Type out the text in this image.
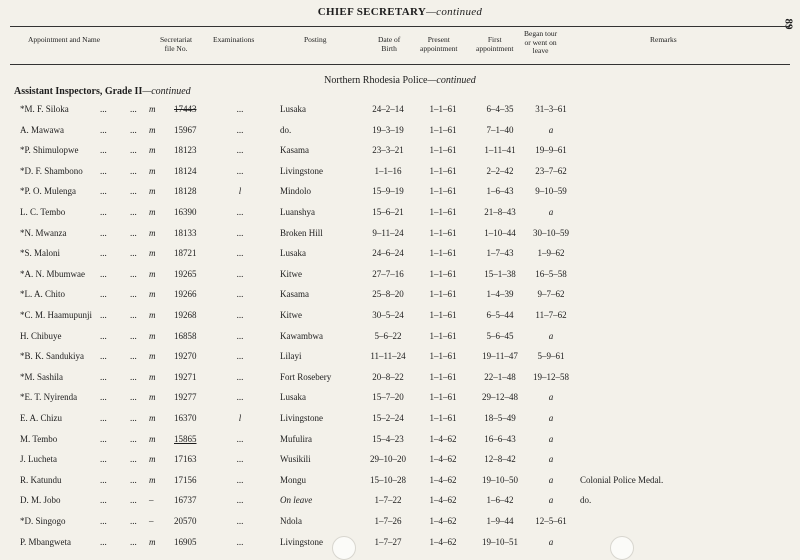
CHIEF SECRETARY—continued
89
Appointment and Name	Secretariat
file No.
Examinations	Posting	Date of
Birth
Present
appointment
First
appointment
Began tour
or went on
leave
Remarks
Northern Rhodesia Police—continued
Assistant Inspectors, Grade II—continued
*M. F. Siloka	...	... m 17443	...	Lusaka	24–2–14	1–1–61	6–4–35	31–3–61
A. Mawawa	...	... m 15967	...	do.	19–3–19	1–1–61	7–1–40	a
*P. Shimulopwe	...	... m 18123	...	Kasama	23–3–21	1–1–61	1–11–41	19–9–61
*D. F. Shambono	...	... m 18124	...	Livingstone	1–1–16	1–1–61	2–2–42	23–7–62
*P. O. Mulenga	...	... m 18128	l	Mindolo	15–9–19	1–1–61	1–6–43	9–10–59
L. C. Tembo	...	... m 16390	...	Luanshya	15–6–21	1–1–61	21–8–43	a
*N. Mwanza	...	... m 18133	...	Broken Hill	9–11–24	1–1–61	1–10–44	30–10–59
*S. Maloni	...	... m 18721	...	Lusaka	24–6–24	1–1–61	1–7–43	1–9–62
*A. N. Mbumwae	...	... m 19265	...	Kitwe	27–7–16	1–1–61	15–1–38	16–5–58
*L. A. Chito	...	... m 19266	...	Kasama	25–8–20	1–1–61	1–4–39	9–7–62
*C. M. Haamupunji ...	... m 19268	...	Kitwe	30–5–24	1–1–61	6–5–44	11–7–62
H. Chibuye	...	... m 16858	...	Kawambwa	5–6–22	1–1–61	5–6–45	a
*B. K. Sandukiya	...	... m 19270	...	Lilayi	11–11–24	1–1–61	19–11–47	5–9–61
*M. Sashila	...	... m 19271	...	Fort Rosebery	20–8–22	1–1–61	22–1–48	19–12–58
*E. T. Nyirenda	...	... m 19277	...	Lusaka	15–7–20	1–1–61	29–12–48	a
E. A. Chizu	...	... m 16370	l	Livingstone	15–2–24	1–1–61	18–5–49	a
M. Tembo	...	... m 15865	...	Mufulira	15–4–23	1–4–62	16–6–43	a
J. Lucheta	...	... m 17163	...	Wusikili	29–10–20	1–4–62	12–8–42	a
R. Katundu	...	... m 17156	...	Mongu	15–10–28	1–4–62	19–10–50	a	Colonial Police Medal.
D. M. Jobo	...	... – 16737	...	On leave	1–7–22	1–4–62	1–6–42	a	do.
*D. Singogo	...	... – 20570	...	Ndola	1–7–26	1–4–62	1–9–44	12–5–61
P. Mbangweta	...	... m 16905	...	Livingstone	1–7–27	1–4–62	19–10–51	a
